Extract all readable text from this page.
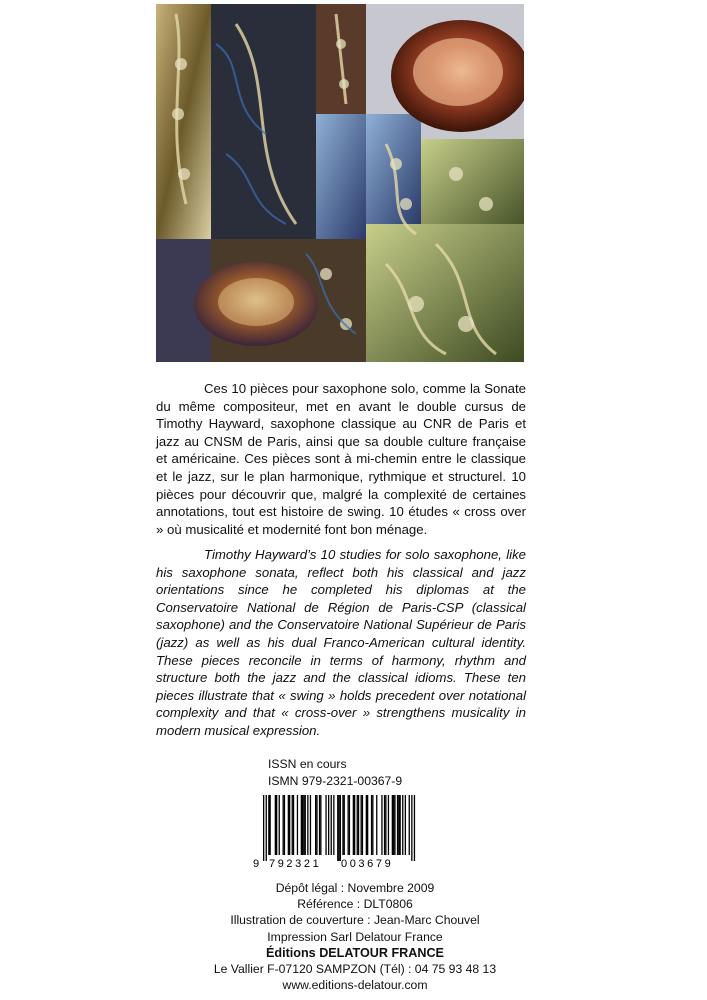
Ces 10 pièces pour saxophone solo, comme la Sonate du même compositeur, met en avant le double cursus de Timothy Hayward, saxophone classique au CNR de Paris et jazz au CNSM de Paris, ainsi que sa double culture française et américaine. Ces pièces sont à mi-chemin entre le classique et le jazz, sur le plan harmonique, rythmique et structurel. 10 pièces pour découvrir que, malgré la complexité de certaines annotations, tout est histoire de swing. 10 études « cross over » où musicalité et modernité font bon ménage.

Timothy Hayward’s 10 studies for solo saxophone, like his saxophone sonata, reflect both his classical and jazz orientations since he completed his diplomas at the Conservatoire National de Région de Paris-CSP (classical saxophone) and the Conservatoire National Supérieur de Paris (jazz) as well as his dual Franco-American cultural identity. These pieces reconcile in terms of harmony, rhythm and structure both the jazz and the classical idioms. These ten pieces illustrate that « swing » holds precedent over notational complexity and that « cross-over » strengthens musicality in modern musical expression.

ISSN en cours
ISMN 979-2321-00367-9
9 792321 003679
Dépôt légal : Novembre 2009
Référence : DLT0806
Illustration de couverture : Jean-Marc Chouvel
Impression Sarl Delatour France
Éditions DELATOUR FRANCE
Le Vallier F-07120 SAMPZON (Tél) : 04 75 93 48 13
www.editions-delatour.com
